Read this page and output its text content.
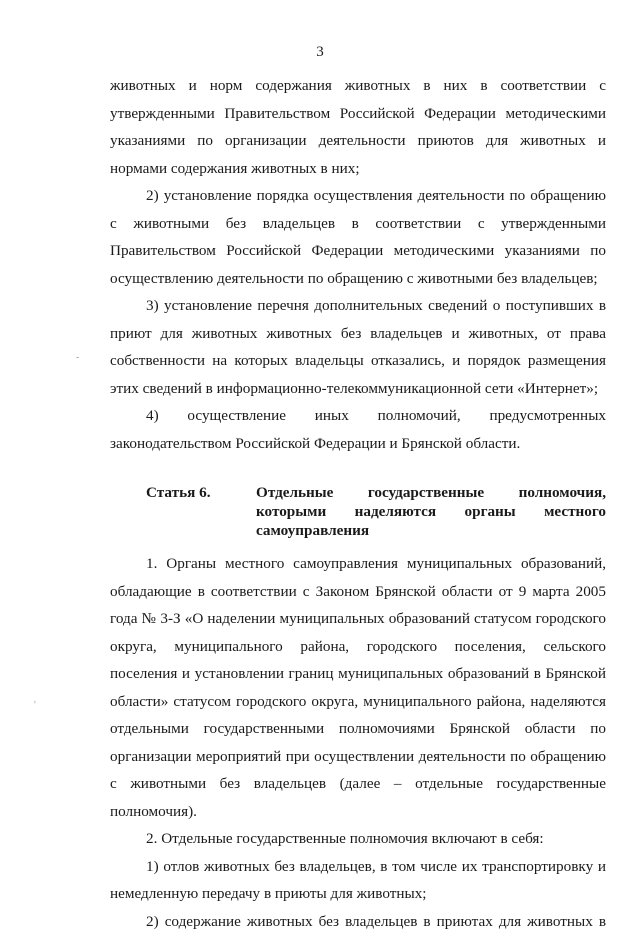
3
-
'

животных и норм содержания животных в них в соответствии с утвержденными Правительством Российской Федерации методическими указаниями по организации деятельности приютов для животных и нормами содержания животных в них;

2) установление порядка осуществления деятельности по обращению с животными без владельцев в соответствии с утвержденными Правительством Российской Федерации методическими указаниями по осуществлению деятельности по обращению с животными без владельцев;

3) установление перечня дополнительных сведений о поступивших в приют для животных животных без владельцев и животных, от права собственности на которых владельцы отказались, и порядок размещения этих сведений в информационно-телекоммуникационной сети «Интернет»;

4) осуществление иных полномочий, предусмотренных законодательством Российской Федерации и Брянской области.

Статья 6.	Отдельные государственные полномочия, которыми наделяются органы местного самоуправления

1. Органы местного самоуправления муниципальных образований, обладающие в соответствии с Законом Брянской области от 9 марта 2005 года № 3-З «О наделении муниципальных образований статусом городского округа, муниципального района, городского поселения, сельского поселения и установлении границ муниципальных образований в Брянской области» статусом городского округа, муниципального района, наделяются отдельными государственными полномочиями Брянской области по организации мероприятий при осуществлении деятельности по обращению с животными без владельцев (далее – отдельные государственные полномочия).

2. Отдельные государственные полномочия включают в себя:

1) отлов животных без владельцев, в том числе их транспортировку и немедленную передачу в приюты для животных;

2) содержание животных без владельцев в приютах для животных в
